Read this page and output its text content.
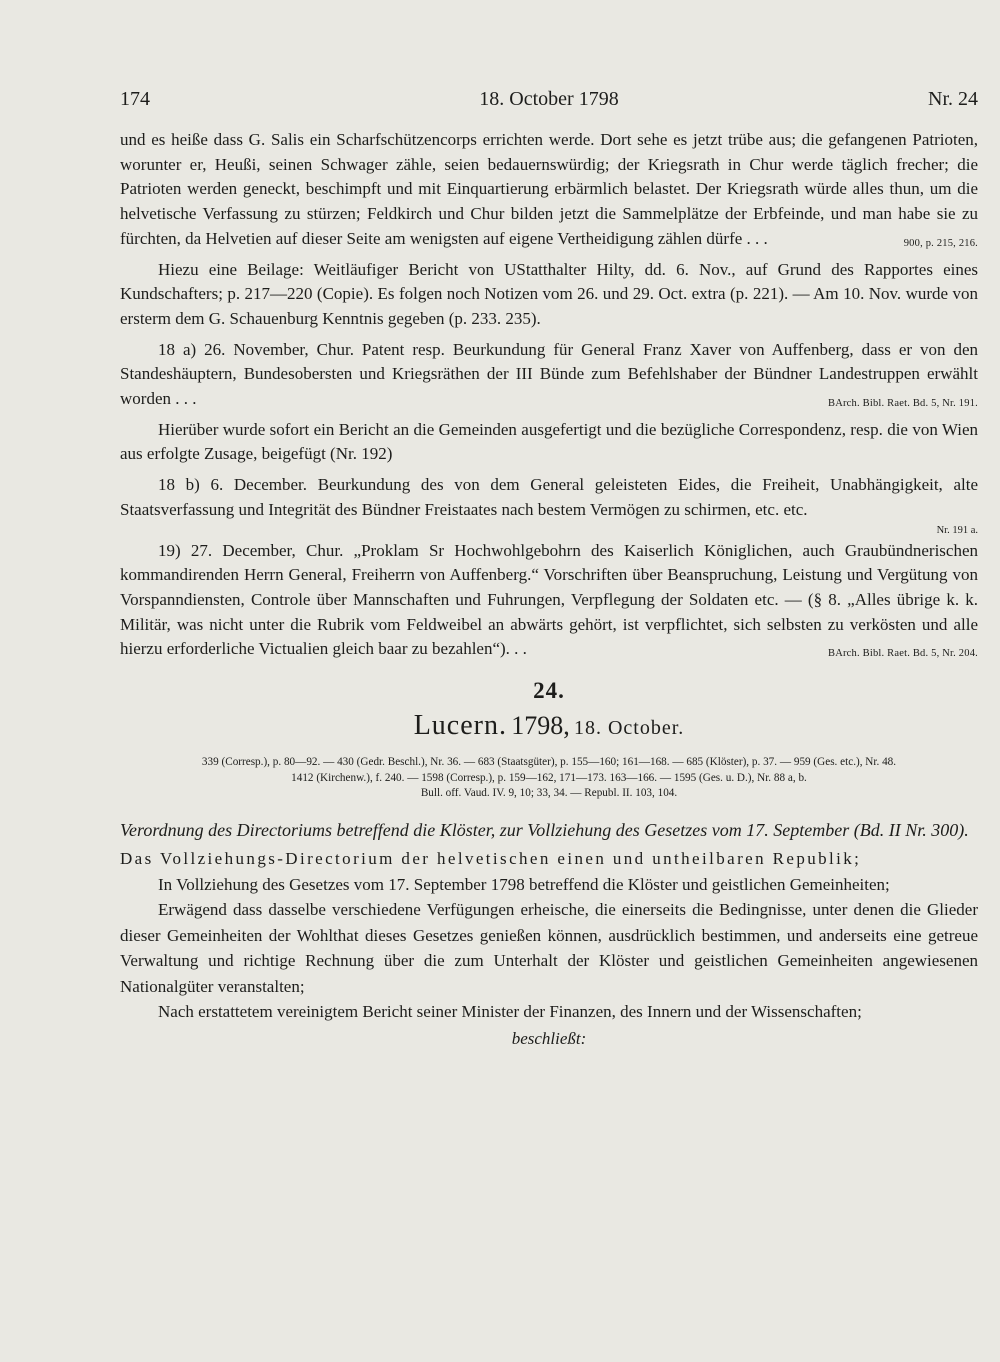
174	18. October 1798	Nr. 24

und es heiße dass G. Salis ein Scharfschützencorps errichten werde. Dort sehe es jetzt trübe aus; die gefangenen Patrioten, worunter er, Heußi, seinen Schwager zähle, seien bedauernswürdig; der Kriegsrath in Chur werde täglich frecher; die Patrioten werden geneckt, beschimpft und mit Einquartierung erbärmlich belastet. Der Kriegsrath würde alles thun, um die helvetische Verfassung zu stürzen; Feldkirch und Chur bilden jetzt die Sammelplätze der Erbfeinde, und man habe sie zu fürchten, da Helvetien auf dieser Seite am wenigsten auf eigene Vertheidigung zählen dürfe . . .	900, p. 215, 216.

Hiezu eine Beilage: Weitläufiger Bericht von UStatthalter Hilty, dd. 6. Nov., auf Grund des Rapportes eines Kundschafters; p. 217—220 (Copie). Es folgen noch Notizen vom 26. und 29. Oct. extra (p. 221). — Am 10. Nov. wurde von ersterm dem G. Schauenburg Kenntnis gegeben (p. 233. 235).

18 a) 26. November, Chur. Patent resp. Beurkundung für General Franz Xaver von Auffenberg, dass er von den Standeshäuptern, Bundesobersten und Kriegsräthen der III Bünde zum Befehlshaber der Bündner Landestruppen erwählt worden . . .	BArch. Bibl. Raet. Bd. 5, Nr. 191.

Hierüber wurde sofort ein Bericht an die Gemeinden ausgefertigt und die bezügliche Correspondenz, resp. die von Wien aus erfolgte Zusage, beigefügt (Nr. 192)

18 b) 6. December. Beurkundung des von dem General geleisteten Eides, die Freiheit, Unabhängigkeit, alte Staatsverfassung und Integrität des Bündner Freistaates nach bestem Vermögen zu schirmen, etc. etc.

Nr. 191 a.

19) 27. December, Chur. „Proklam Sr Hochwohlgebohrn des Kaiserlich Königlichen, auch Graubündnerischen kommandirenden Herrn General, Freiherrn von Auffenberg.“ Vorschriften über Beanspruchung, Leistung und Vergütung von Vorspanndiensten, Controle über Mannschaften und Fuhrungen, Verpflegung der Soldaten etc. — (§ 8. „Alles übrige k. k. Militär, was nicht unter die Rubrik vom Feldweibel an abwärts gehört, ist verpflichtet, sich selbsten zu verkösten und alle hierzu erforderliche Victualien gleich baar zu bezahlen“). . .	BArch. Bibl. Raet. Bd. 5, Nr. 204.

24.
Lucern. 1798, 18. October.
339 (Corresp.), p. 80—92. — 430 (Gedr. Beschl.), Nr. 36. — 683 (Staatsgüter), p. 155—160; 161—168. — 685 (Klöster), p. 37. — 959 (Ges. etc.), Nr. 48.
1412 (Kirchenw.), f. 240. — 1598 (Corresp.), p. 159—162, 171—173. 163—166. — 1595 (Ges. u. D.), Nr. 88 a, b.
Bull. off. Vaud. IV. 9, 10; 33, 34. — Republ. II. 103, 104.

Verordnung des Directoriums betreffend die Klöster, zur Vollziehung des Gesetzes vom 17. September (Bd. II Nr. 300).

Das Vollziehungs-Directorium der helvetischen einen und untheilbaren Republik;

In Vollziehung des Gesetzes vom 17. September 1798 betreffend die Klöster und geistlichen Gemeinheiten;

Erwägend dass dasselbe verschiedene Verfügungen erheische, die einerseits die Bedingnisse, unter denen die Glieder dieser Gemeinheiten der Wohlthat dieses Gesetzes genießen können, ausdrücklich bestimmen, und anderseits eine getreue Verwaltung und richtige Rechnung über die zum Unterhalt der Klöster und geistlichen Gemeinheiten angewiesenen Nationalgüter veranstalten;

Nach erstattetem vereinigtem Bericht seiner Minister der Finanzen, des Innern und der Wissenschaften;

beschließt:
